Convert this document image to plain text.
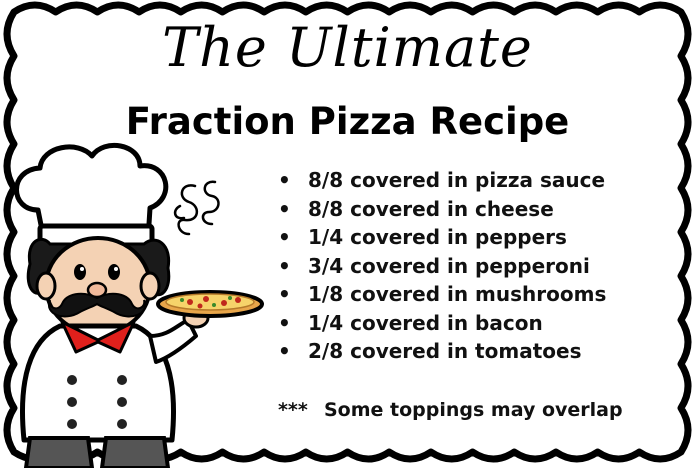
The Ultimate
Fraction Pizza Recipe
• 8/8 covered in pizza sauce
• 8/8 covered in cheese
• 1/4 covered in peppers
• 3/4 covered in pepperoni
• 1/8 covered in mushrooms
• 1/4 covered in bacon
• 2/8 covered in tomatoes
*** Some toppings may overlap
